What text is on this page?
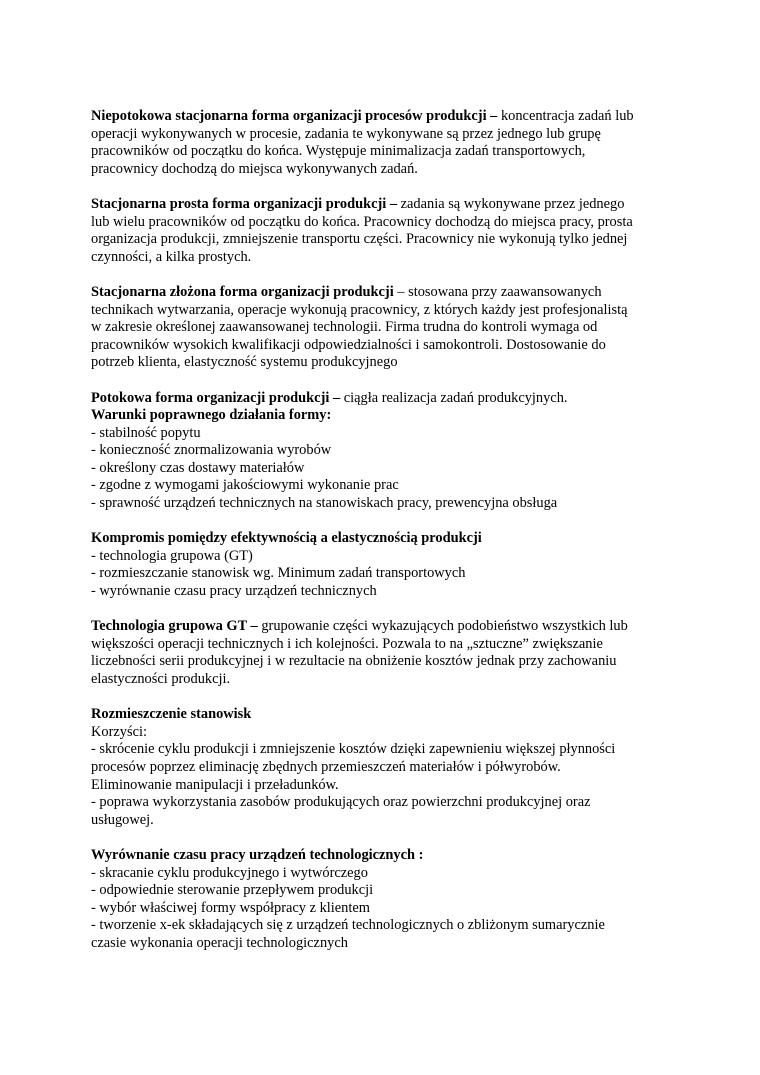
Niepotokowa stacjonarna forma organizacji procesów produkcji – koncentracja zadań lub
operacji wykonywanych w procesie, zadania te wykonywane są przez jednego lub grupę
pracowników od początku do końca. Występuje minimalizacja zadań transportowych,
pracownicy dochodzą do miejsca wykonywanych zadań.
Stacjonarna prosta forma organizacji produkcji – zadania są wykonywane przez jednego
lub wielu pracowników od początku do końca. Pracownicy dochodzą do miejsca pracy, prosta
organizacja produkcji, zmniejszenie transportu części. Pracownicy nie wykonują tylko jednej
czynności, a kilka prostych.
Stacjonarna złożona forma organizacji produkcji – stosowana przy zaawansowanych
technikach wytwarzania, operacje wykonują pracownicy, z których każdy jest profesjonalistą
w zakresie określonej zaawansowanej technologii. Firma trudna do kontroli wymaga od
pracowników wysokich kwalifikacji odpowiedzialności i samokontroli. Dostosowanie do
potrzeb klienta, elastyczność systemu produkcyjnego
Potokowa forma organizacji produkcji – ciągła realizacja zadań produkcyjnych.
Warunki poprawnego działania formy:
- stabilność popytu
- konieczność znormalizowania wyrobów
- określony czas dostawy materiałów
- zgodne z wymogami jakościowymi wykonanie prac
- sprawność urządzeń technicznych na stanowiskach pracy, prewencyjna obsługa
Kompromis pomiędzy efektywnością a elastycznością produkcji
- technologia grupowa (GT)
- rozmieszczanie stanowisk wg. Minimum zadań transportowych
- wyrównanie czasu pracy urządzeń technicznych
Technologia grupowa GT – grupowanie części wykazujących podobieństwo wszystkich lub
większości operacji technicznych i ich kolejności. Pozwala to na „sztuczne” zwiększanie
liczebności serii produkcyjnej i w rezultacie na obniżenie kosztów jednak przy zachowaniu
elastyczności produkcji.
Rozmieszczenie stanowisk
Korzyści:
- skrócenie cyklu produkcji i zmniejszenie kosztów dzięki zapewnieniu większej płynności
procesów poprzez eliminację zbędnych przemieszczeń materiałów i półwyrobów.
Eliminowanie manipulacji i przeładunków.
- poprawa wykorzystania zasobów produkujących oraz powierzchni produkcyjnej oraz
usługowej.
Wyrównanie czasu pracy urządzeń technologicznych :
- skracanie cyklu produkcyjnego i wytwórczego
- odpowiednie sterowanie przepływem produkcji
- wybór właściwej formy współpracy z klientem
- tworzenie x-ek składających się z urządzeń technologicznych o zbliżonym sumarycznie
czasie wykonania operacji technologicznych
